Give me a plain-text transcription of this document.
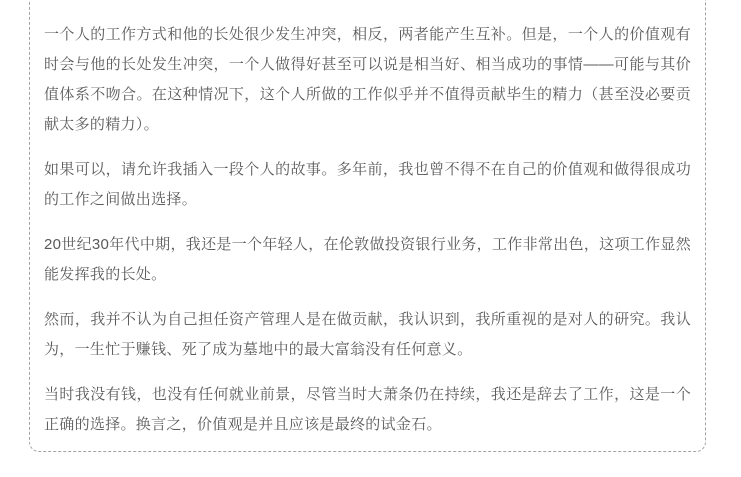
一个人的工作方式和他的长处很少发生冲突，相反，两者能产生互补。但是，一个人的价值观有时会与他的长处发生冲突，一个人做得好甚至可以说是相当好、相当成功的事情——可能与其价值体系不吻合。在这种情况下，这个人所做的工作似乎并不值得贡献毕生的精力（甚至没必要贡献太多的精力）。

如果可以，请允许我插入一段个人的故事。多年前，我也曾不得不在自己的价值观和做得很成功的工作之间做出选择。

20世纪30年代中期，我还是一个年轻人，在伦敦做投资银行业务，工作非常出色，这项工作显然能发挥我的长处。

然而，我并不认为自己担任资产管理人是在做贡献，我认识到，我所重视的是对人的研究。我认为，一生忙于赚钱、死了成为墓地中的最大富翁没有任何意义。

当时我没有钱，也没有任何就业前景，尽管当时大萧条仍在持续，我还是辞去了工作，这是一个正确的选择。换言之，价值观是并且应该是最终的试金石。
